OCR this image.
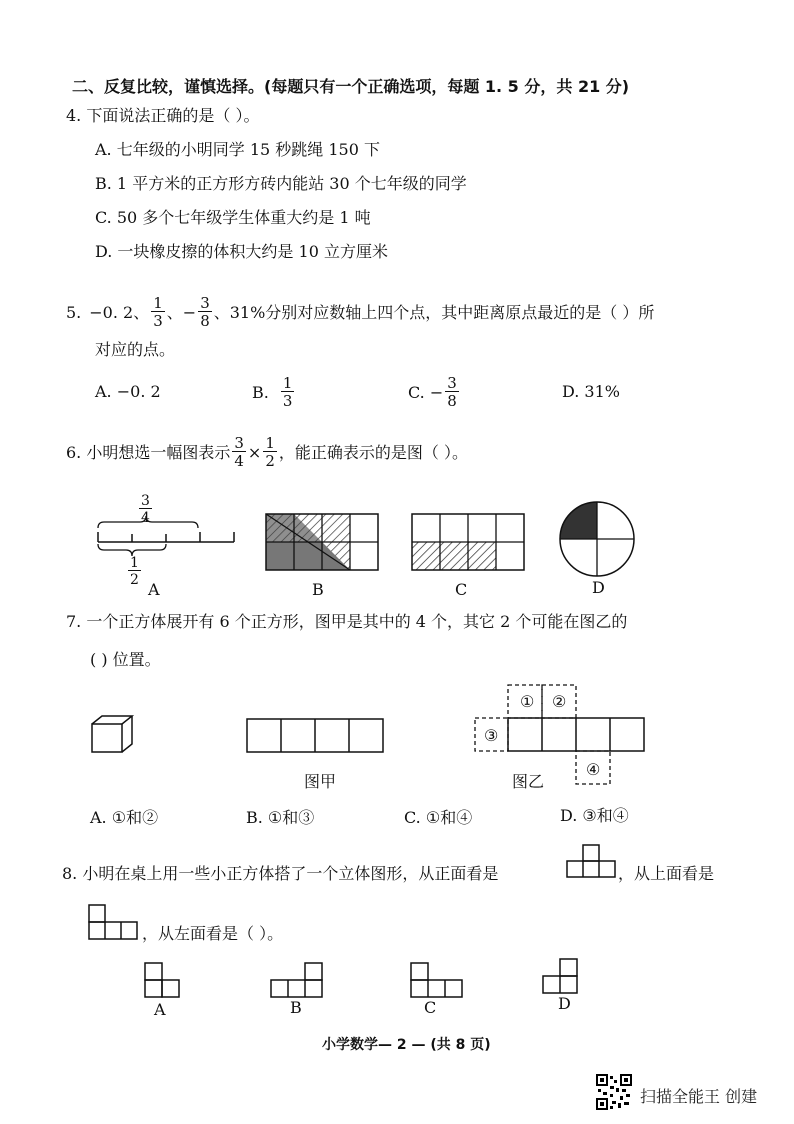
二、反复比较，谨慎选择。(每题只有一个正确选项，每题 1. 5 分，共 21 分)
4. 下面说法正确的是（ ）。
A. 七年级的小明同学 15 秒跳绳 150 下
B. 1 平方米的正方形方砖内能站 30 个七年级的同学
C. 50 多个七年级学生体重大约是 1 吨
D. 一块橡皮擦的体积大约是 10 立方厘米
5. −0. 2、 $\frac{1}{3}$ 、− $\frac{3}{8}$ 、31%分别对应数轴上四个点，其中距离原点最近的是（ ）所
对应的点。
A. −0. 2	B. $\frac{1}{3}$	C. − $\frac{3}{8}$	D. 31%
6. 小明想选一幅图表示 $\frac{3}{4} \times \frac{1}{2}$ ，能正确表示的是图（ ）。
$\frac{3}{4}$
$\frac{1}{2}$
A	B	C	D
7. 一个正方体展开有 6 个正方形，图甲是其中的 4 个，其它 2 个可能在图乙的
( ) 位置。
图甲
① ②
③
④
图乙
A. ①和②	B. ①和③	C. ①和④	D. ③和④
8. 小明在桌上用一些小正方体搭了一个立体图形，从正面看是	，从上面看是
，从左面看是（ ）。
A	B	C	D
小学数学— 2 — (共 8 页)
扫描全能王 创建
